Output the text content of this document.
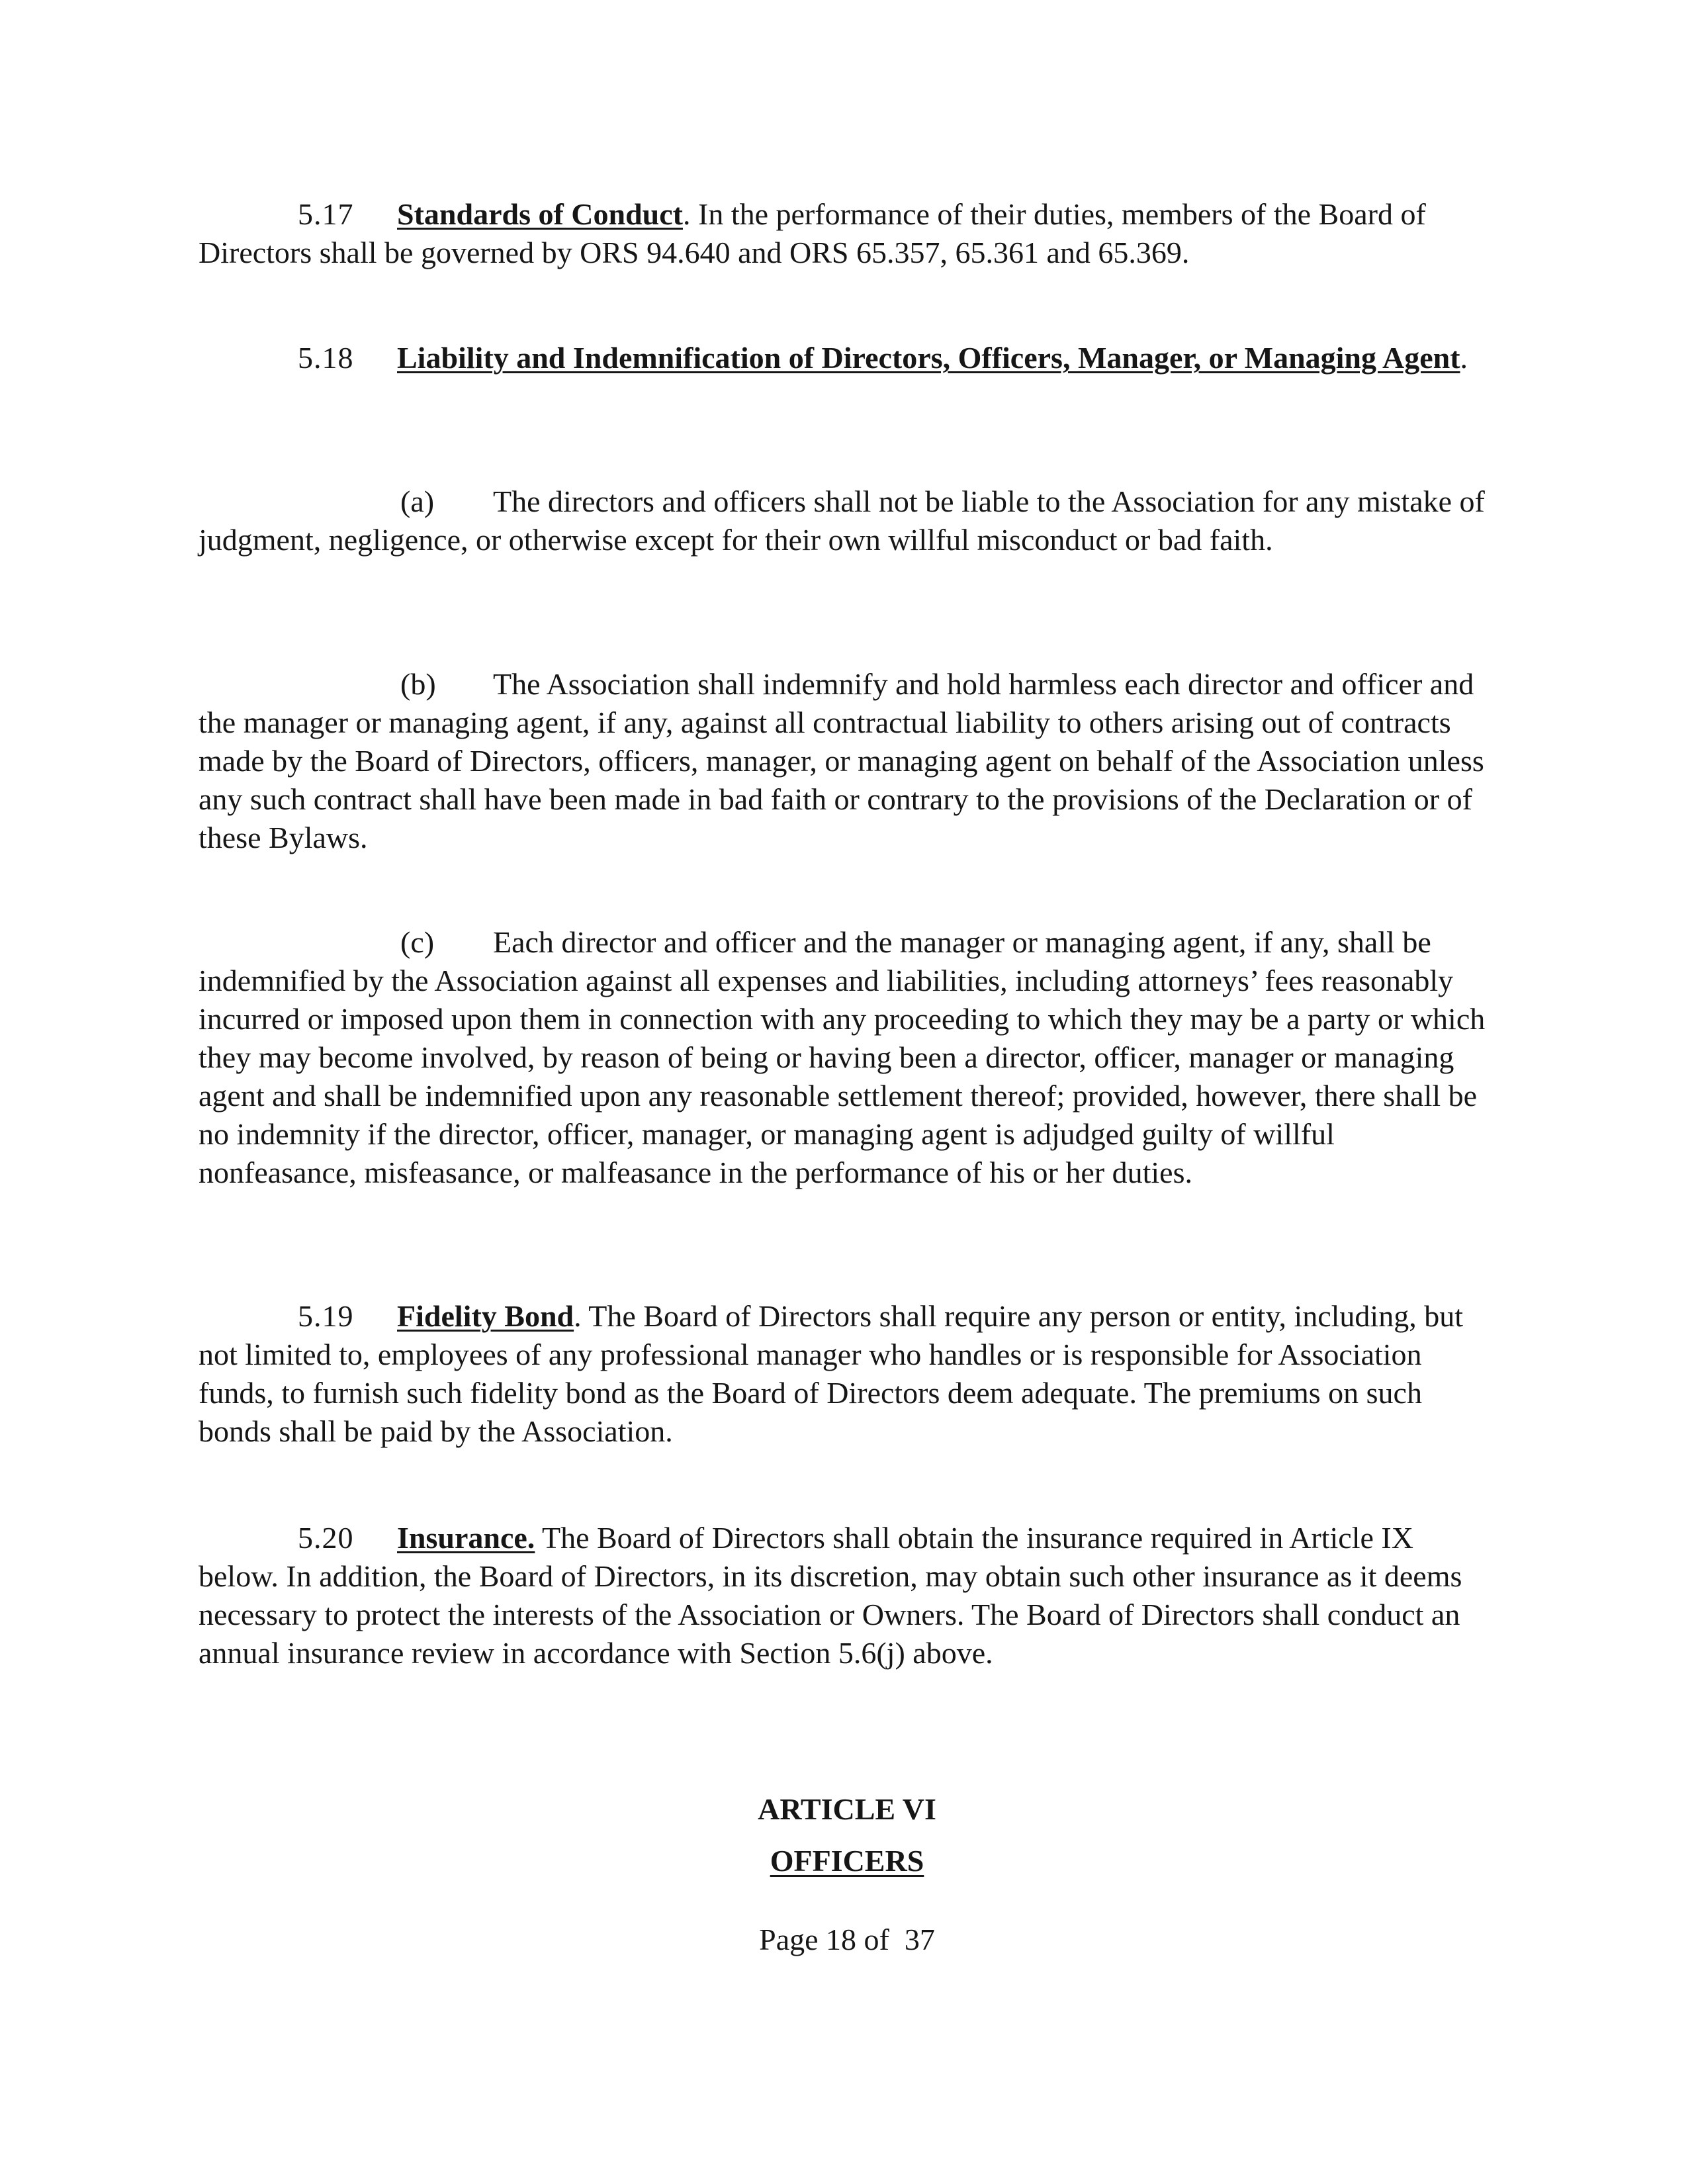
5.17 Standards of Conduct. In the performance of their duties, members of the Board of Directors shall be governed by ORS 94.640 and ORS 65.357, 65.361 and 65.369.

5.18 Liability and Indemnification of Directors, Officers, Manager, or Managing Agent.

(a) The directors and officers shall not be liable to the Association for any mistake of judgment, negligence, or otherwise except for their own willful misconduct or bad faith.

(b) The Association shall indemnify and hold harmless each director and officer and the manager or managing agent, if any, against all contractual liability to others arising out of contracts made by the Board of Directors, officers, manager, or managing agent on behalf of the Association unless any such contract shall have been made in bad faith or contrary to the provisions of the Declaration or of these Bylaws.

(c) Each director and officer and the manager or managing agent, if any, shall be indemnified by the Association against all expenses and liabilities, including attorneys’ fees reasonably incurred or imposed upon them in connection with any proceeding to which they may be a party or which they may become involved, by reason of being or having been a director, officer, manager or managing agent and shall be indemnified upon any reasonable settlement thereof; provided, however, there shall be no indemnity if the director, officer, manager, or managing agent is adjudged guilty of willful nonfeasance, misfeasance, or malfeasance in the performance of his or her duties.

5.19 Fidelity Bond. The Board of Directors shall require any person or entity, including, but not limited to, employees of any professional manager who handles or is responsible for Association funds, to furnish such fidelity bond as the Board of Directors deem adequate. The premiums on such bonds shall be paid by the Association.

5.20 Insurance. The Board of Directors shall obtain the insurance required in Article IX below. In addition, the Board of Directors, in its discretion, may obtain such other insurance as it deems necessary to protect the interests of the Association or Owners. The Board of Directors shall conduct an annual insurance review in accordance with Section 5.6(j) above.

ARTICLE VI
OFFICERS
Page 18 of  37
